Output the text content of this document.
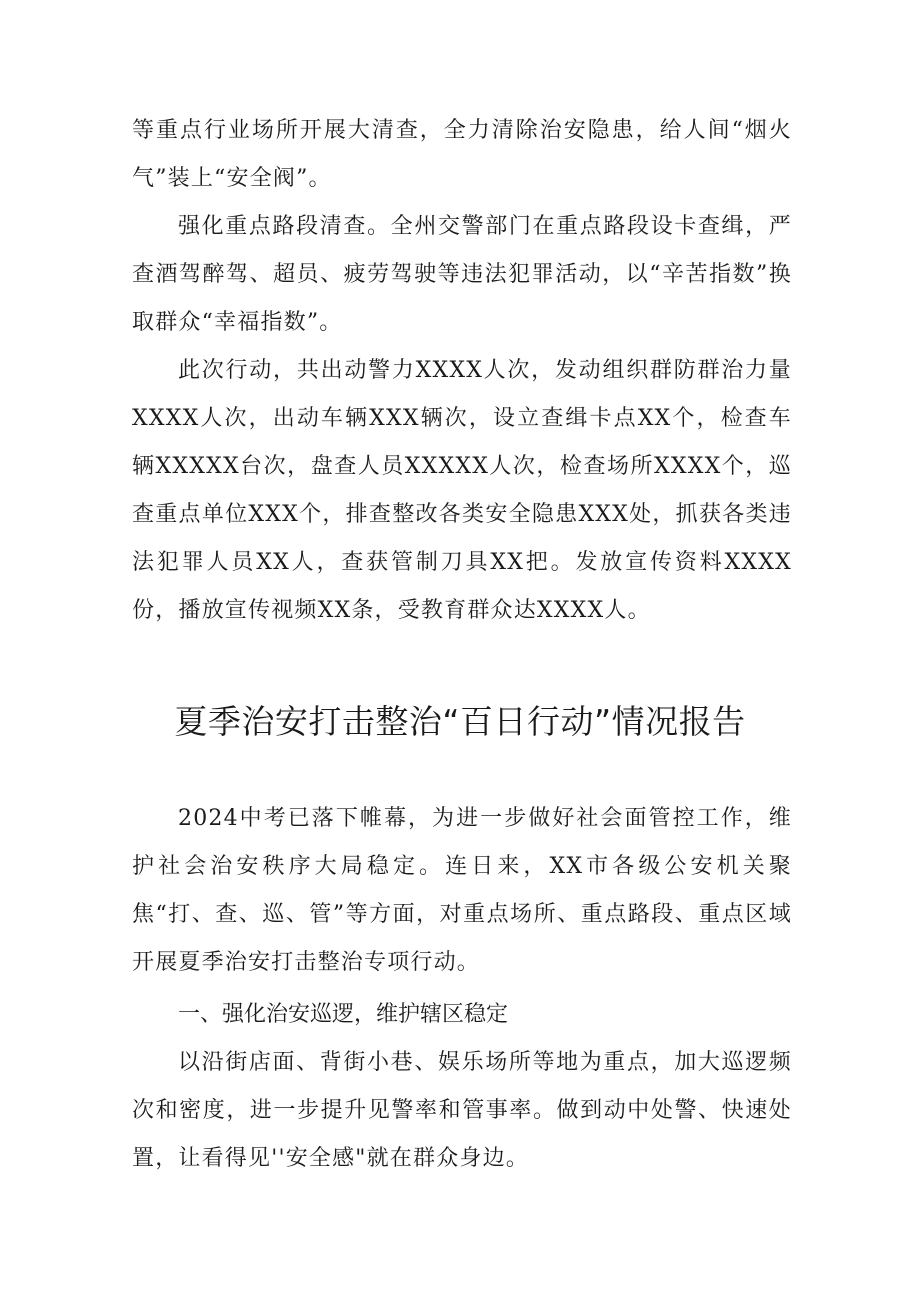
等重点行业场所开展大清查，全力清除治安隐患，给人间“烟火气”装上“安全阀”。

强化重点路段清查。全州交警部门在重点路段设卡查缉，严查酒驾醉驾、超员、疲劳驾驶等违法犯罪活动，以“辛苦指数”换取群众“幸福指数”。

此次行动，共出动警力XXXX人次，发动组织群防群治力量XXXX人次，出动车辆XXX辆次，设立查缉卡点XX个，检查车辆XXXXX台次，盘查人员XXXXX人次，检查场所XXXX个，巡查重点单位XXX个，排查整改各类安全隐患XXX处，抓获各类违法犯罪人员XX人，查获管制刀具XX把。发放宣传资料XXXX份，播放宣传视频XX条，受教育群众达XXXX人。

夏季治安打击整治“百日行动”情况报告

2024中考已落下帷幕，为进一步做好社会面管控工作，维护社会治安秩序大局稳定。连日来，XX市各级公安机关聚焦“打、查、巡、管”等方面，对重点场所、重点路段、重点区域开展夏季治安打击整治专项行动。

一、强化治安巡逻，维护辖区稳定

以沿街店面、背街小巷、娱乐场所等地为重点，加大巡逻频次和密度，进一步提升见警率和管事率。做到动中处警、快速处置，让看得见''安全感"就在群众身边。
